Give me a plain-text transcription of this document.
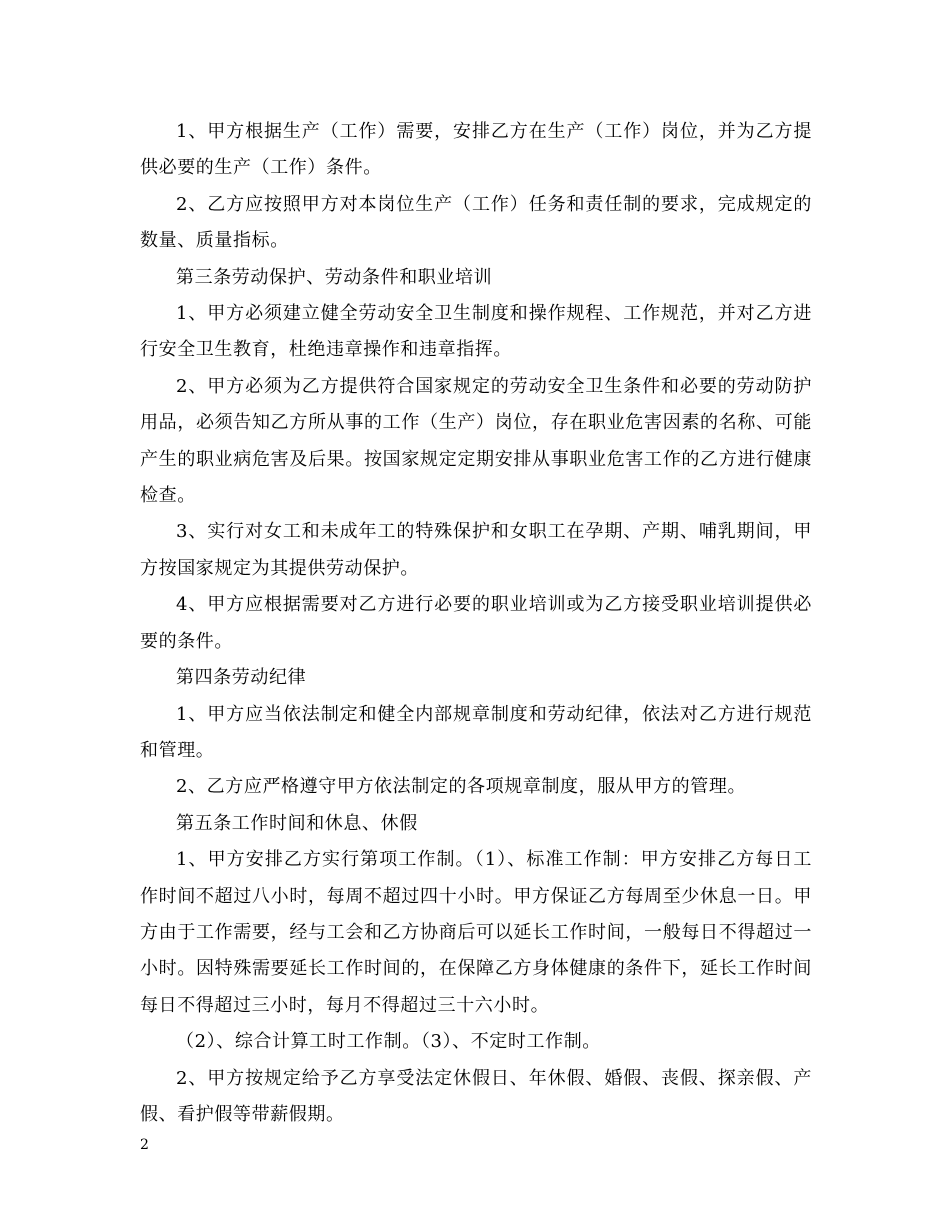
1、甲方根据生产（工作）需要，安排乙方在生产（工作）岗位，并为乙方提供必要的生产（工作）条件。

2、乙方应按照甲方对本岗位生产（工作）任务和责任制的要求，完成规定的数量、质量指标。

第三条劳动保护、劳动条件和职业培训

1、甲方必须建立健全劳动安全卫生制度和操作规程、工作规范，并对乙方进行安全卫生教育，杜绝违章操作和违章指挥。

2、甲方必须为乙方提供符合国家规定的劳动安全卫生条件和必要的劳动防护用品，必须告知乙方所从事的工作（生产）岗位，存在职业危害因素的名称、可能产生的职业病危害及后果。按国家规定定期安排从事职业危害工作的乙方进行健康检查。

3、实行对女工和未成年工的特殊保护和女职工在孕期、产期、哺乳期间，甲方按国家规定为其提供劳动保护。

4、甲方应根据需要对乙方进行必要的职业培训或为乙方接受职业培训提供必要的条件。

第四条劳动纪律

1、甲方应当依法制定和健全内部规章制度和劳动纪律，依法对乙方进行规范和管理。

2、乙方应严格遵守甲方依法制定的各项规章制度，服从甲方的管理。

第五条工作时间和休息、休假

1、甲方安排乙方实行第项工作制。（1）、标准工作制：甲方安排乙方每日工作时间不超过八小时，每周不超过四十小时。甲方保证乙方每周至少休息一日。甲方由于工作需要，经与工会和乙方协商后可以延长工作时间，一般每日不得超过一小时。因特殊需要延长工作时间的，在保障乙方身体健康的条件下，延长工作时间每日不得超过三小时，每月不得超过三十六小时。

（2）、综合计算工时工作制。（3）、不定时工作制。

2、甲方按规定给予乙方享受法定休假日、年休假、婚假、丧假、探亲假、产假、看护假等带薪假期。

2
